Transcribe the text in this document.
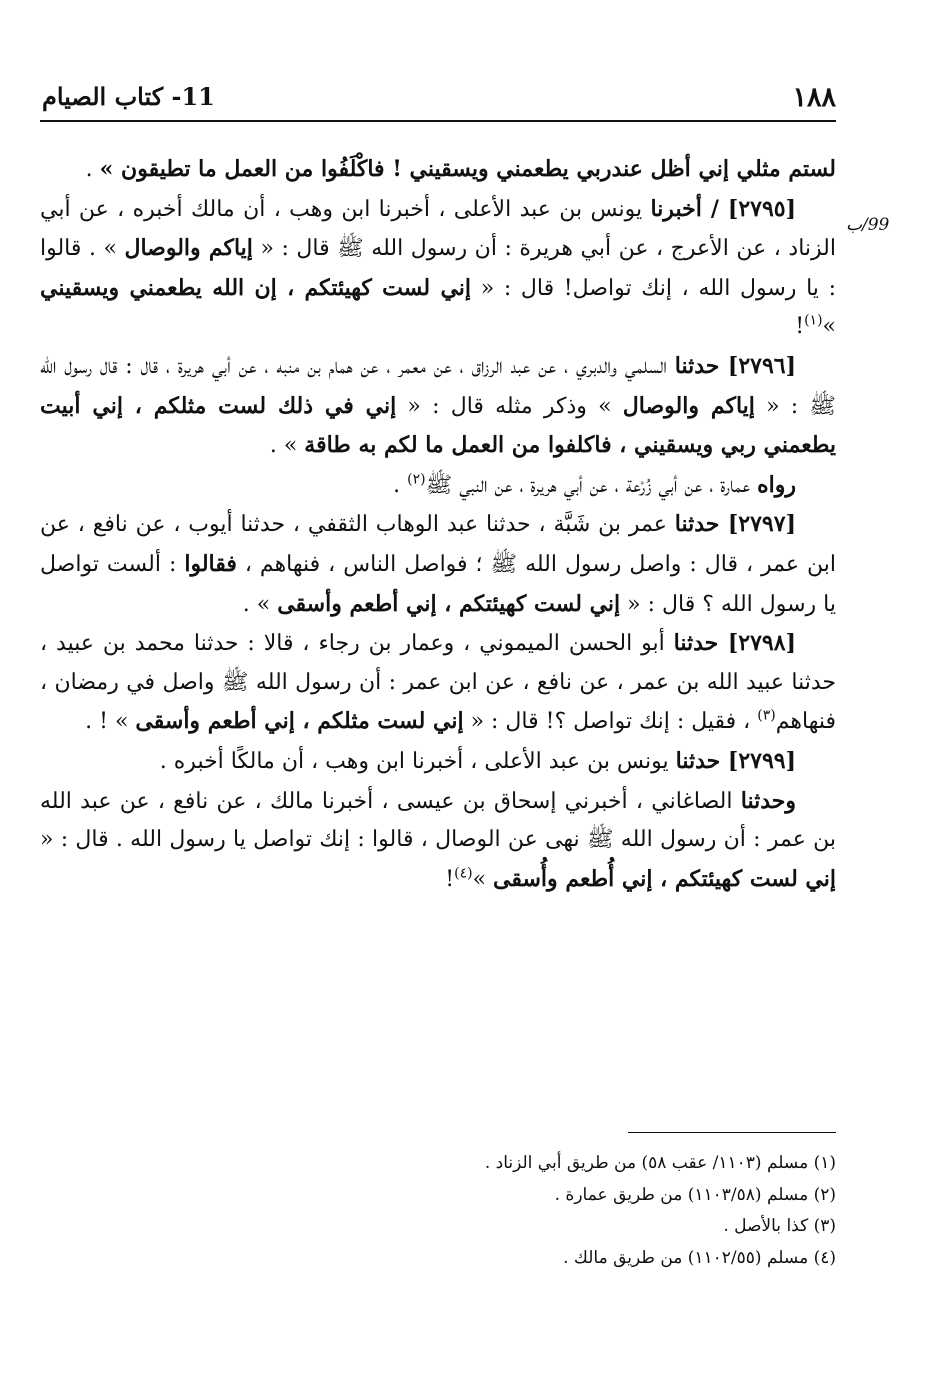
١٨٨
11- كتاب الصيام
99/ب

لستم مثلي إني أظل عندربي يطعمني ويسقيني ! فاكْلَفُوا من العمل ما تطيقون » .

[٢٧٩٥] / أخبرنا يونس بن عبد الأعلى ، أخبرنا ابن وهب ، أن مالك أخبره ، عن أبي الزناد ، عن الأعرج ، عن أبي هريرة : أن رسول الله ﷺ قال : « إياكم والوصال » . قالوا : يا رسول الله ، إنك تواصل! قال : « إني لست كهيئتكم ، إن الله يطعمني ويسقيني »$^{(١)}$!

[٢٧٩٦] حدثنا السلمي والدبري ، عن عبد الرزاق ، عن معمر ، عن همام بن منبه ، عن أبي هريرة ، قال : قال رسول الله ﷺ : « إياكم والوصال » وذكر مثله قال : « إني في ذلك لست مثلكم ، إني أبيت يطعمني ربي ويسقيني ، فاكلفوا من العمل ما لكم به طاقة » .

رواه عمارة ، عن أبي زُرْعة ، عن أبي هريرة ، عن النبي ﷺ$^{(٢)}$ .

[٢٧٩٧] حدثنا عمر بن شَبَّة ، حدثنا عبد الوهاب الثقفي ، حدثنا أيوب ، عن نافع ، عن ابن عمر ، قال : واصل رسول الله ﷺ ؛ فواصل الناس ، فنهاهم ، فقالوا : ألست تواصل يا رسول الله ؟ قال : « إني لست كهيئتكم ، إني أطعم وأسقى » .

[٢٧٩٨] حدثنا أبو الحسن الميموني ، وعمار بن رجاء ، قالا : حدثنا محمد بن عبيد ، حدثنا عبيد الله بن عمر ، عن نافع ، عن ابن عمر : أن رسول الله ﷺ واصل في رمضان ، فنهاهم$^{(٣)}$ ، فقيل : إنك تواصل ؟! قال : « إني لست مثلكم ، إني أطعم وأسقى » ! .

[٢٧٩٩] حدثنا يونس بن عبد الأعلى ، أخبرنا ابن وهب ، أن مالكًا أخبره .

وحدثنا الصاغاني ، أخبرني إسحاق بن عيسى ، أخبرنا مالك ، عن نافع ، عن عبد الله بن عمر : أن رسول الله ﷺ نهى عن الوصال ، قالوا : إنك تواصل يا رسول الله . قال : « إني لست كهيئتكم ، إني أُطعم وأُسقى »$^{(٤)}$!

(١) مسلم (١١٠٣/ عقب ٥٨) من طريق أبي الزناد .
(٢) مسلم (١١٠٣/٥٨) من طريق عمارة .
(٣) كذا بالأصل .
(٤) مسلم (١١٠٢/٥٥) من طريق مالك .
